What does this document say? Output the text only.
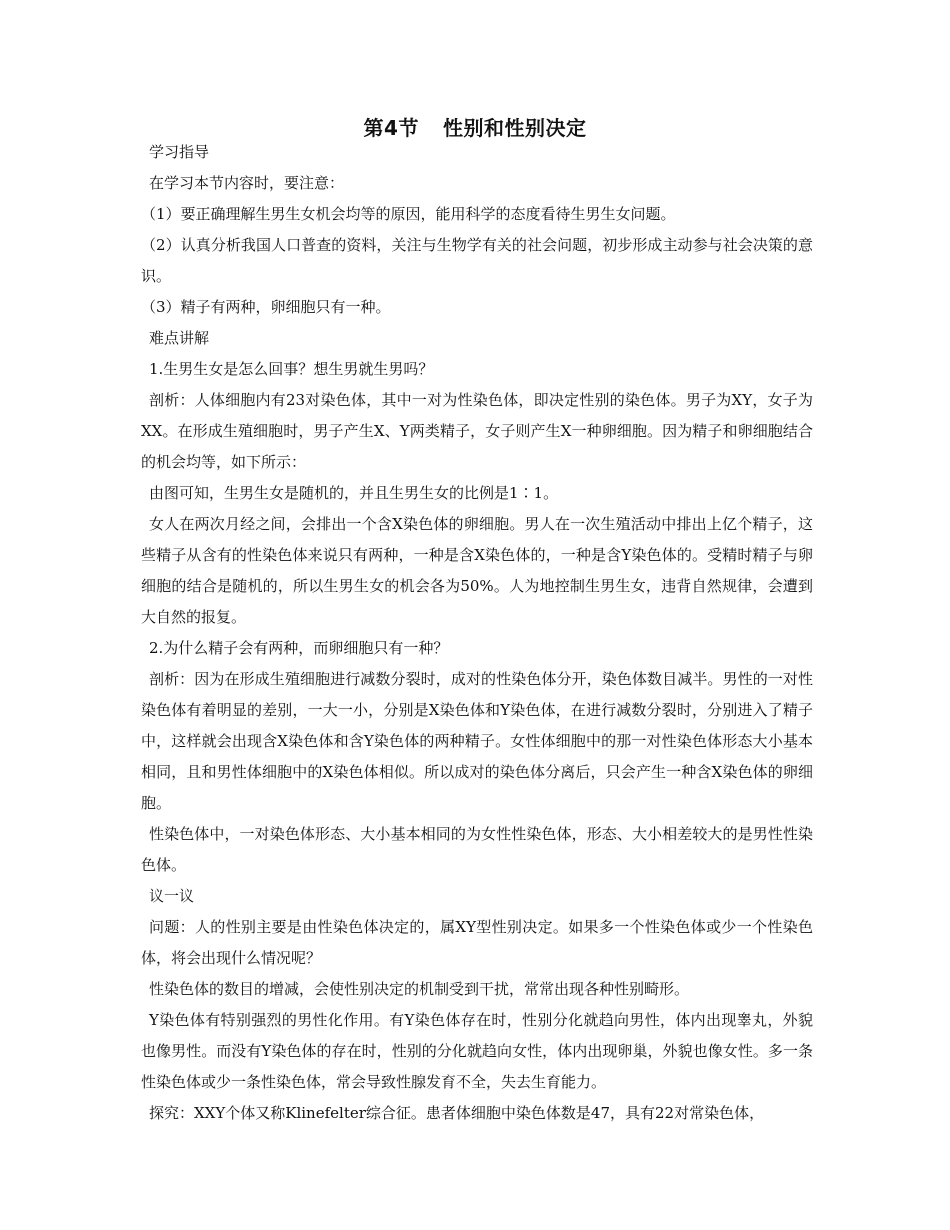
第4节 性别和性别决定

学习指导

在学习本节内容时，要注意：

（1）要正确理解生男生女机会均等的原因，能用科学的态度看待生男生女问题。

（2）认真分析我国人口普查的资料，关注与生物学有关的社会问题，初步形成主动参与社会决策的意识。

（3）精子有两种，卵细胞只有一种。

难点讲解

1.生男生女是怎么回事？想生男就生男吗？

剖析：人体细胞内有23对染色体，其中一对为性染色体，即决定性别的染色体。男子为XY，女子为XX。在形成生殖细胞时，男子产生X、Y两类精子，女子则产生X一种卵细胞。因为精子和卵细胞结合的机会均等，如下所示：

由图可知，生男生女是随机的，并且生男生女的比例是1∶1。

女人在两次月经之间，会排出一个含X染色体的卵细胞。男人在一次生殖活动中排出上亿个精子，这些精子从含有的性染色体来说只有两种，一种是含X染色体的，一种是含Y染色体的。受精时精子与卵细胞的结合是随机的，所以生男生女的机会各为50%。人为地控制生男生女，违背自然规律，会遭到大自然的报复。

2.为什么精子会有两种，而卵细胞只有一种？

剖析：因为在形成生殖细胞进行减数分裂时，成对的性染色体分开，染色体数目减半。男性的一对性染色体有着明显的差别，一大一小，分别是X染色体和Y染色体，在进行减数分裂时，分别进入了精子中，这样就会出现含X染色体和含Y染色体的两种精子。女性体细胞中的那一对性染色体形态大小基本相同，且和男性体细胞中的X染色体相似。所以成对的染色体分离后，只会产生一种含X染色体的卵细胞。

性染色体中，一对染色体形态、大小基本相同的为女性性染色体，形态、大小相差较大的是男性性染色体。

议一议

问题：人的性别主要是由性染色体决定的，属XY型性别决定。如果多一个性染色体或少一个性染色体，将会出现什么情况呢？

性染色体的数目的增减，会使性别决定的机制受到干扰，常常出现各种性别畸形。

Y染色体有特别强烈的男性化作用。有Y染色体存在时，性别分化就趋向男性，体内出现睾丸，外貌也像男性。而没有Y染色体的存在时，性别的分化就趋向女性，体内出现卵巢，外貌也像女性。多一条性染色体或少一条性染色体，常会导致性腺发育不全，失去生育能力。

探究：XXY个体又称Klinefelter综合征。患者体细胞中染色体数是47，具有22对常染色体，
